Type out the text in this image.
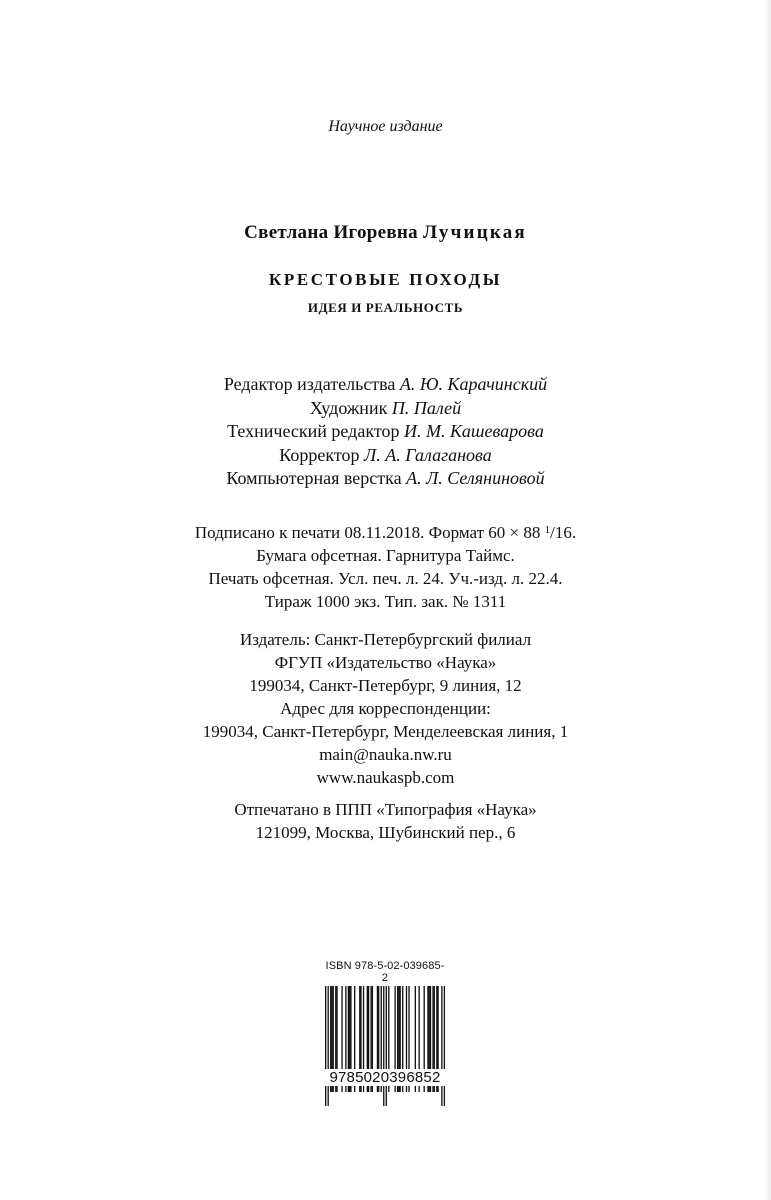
Научное издание
Светлана Игоревна Лучицкая
КРЕСТОВЫЕ ПОХОДЫ
ИДЕЯ И РЕАЛЬНОСТЬ
Редактор издательства А. Ю. Карачинский
Художник П. Палей
Технический редактор И. М. Кашеварова
Корректор Л. А. Галаганова
Компьютерная верстка А. Л. Селяниновой
Подписано к печати 08.11.2018. Формат 60 × 88 $^1$/16.
Бумага офсетная. Гарнитура Таймс.
Печать офсетная. Усл. печ. л. 24. Уч.-изд. л. 22.4.
Тираж 1000 экз. Тип. зак. № 1311
Издатель: Санкт-Петербургский филиал
ФГУП «Издательство «Наука»
199034, Санкт-Петербург, 9 линия, 12
Адрес для корреспонденции:
199034, Санкт-Петербург, Менделеевская линия, 1
main@nauka.nw.ru
www.naukaspb.com
Отпечатано в ППП «Типография «Наука»
121099, Москва, Шубинский пер., 6
ISBN 978-5-02-039685-2
9785020396852
